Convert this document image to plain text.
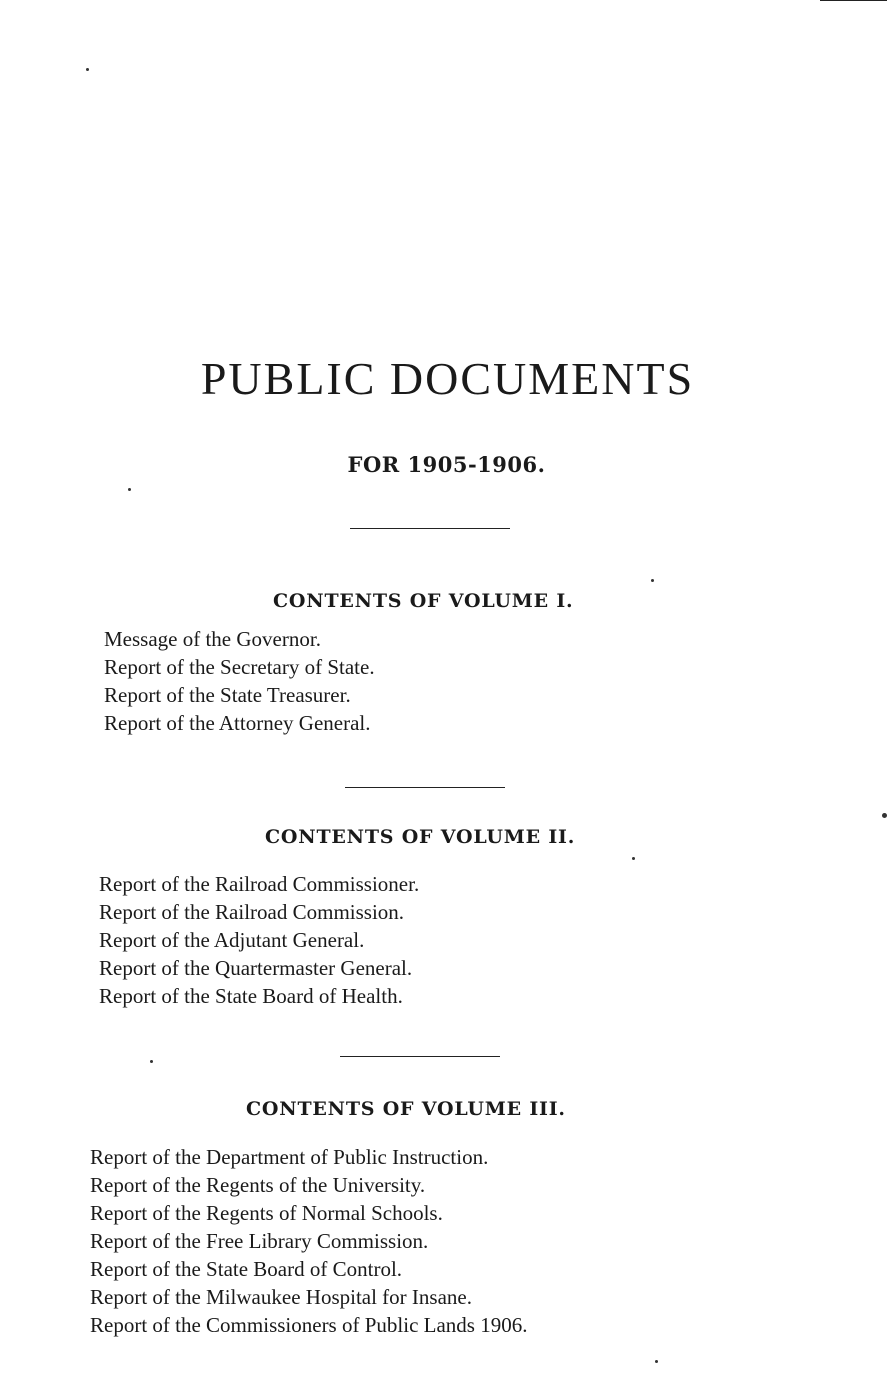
PUBLIC DOCUMENTS
FOR 1905-1906.
CONTENTS OF VOLUME I.
Message of the Governor.
Report of the Secretary of State.
Report of the State Treasurer.
Report of the Attorney General.
CONTENTS OF VOLUME II.
Report of the Railroad Commissioner.
Report of the Railroad Commission.
Report of the Adjutant General.
Report of the Quartermaster General.
Report of the State Board of Health.
CONTENTS OF VOLUME III.
Report of the Department of Public Instruction.
Report of the Regents of the University.
Report of the Regents of Normal Schools.
Report of the Free Library Commission.
Report of the State Board of Control.
Report of the Milwaukee Hospital for Insane.
Report of the Commissioners of Public Lands 1906.
